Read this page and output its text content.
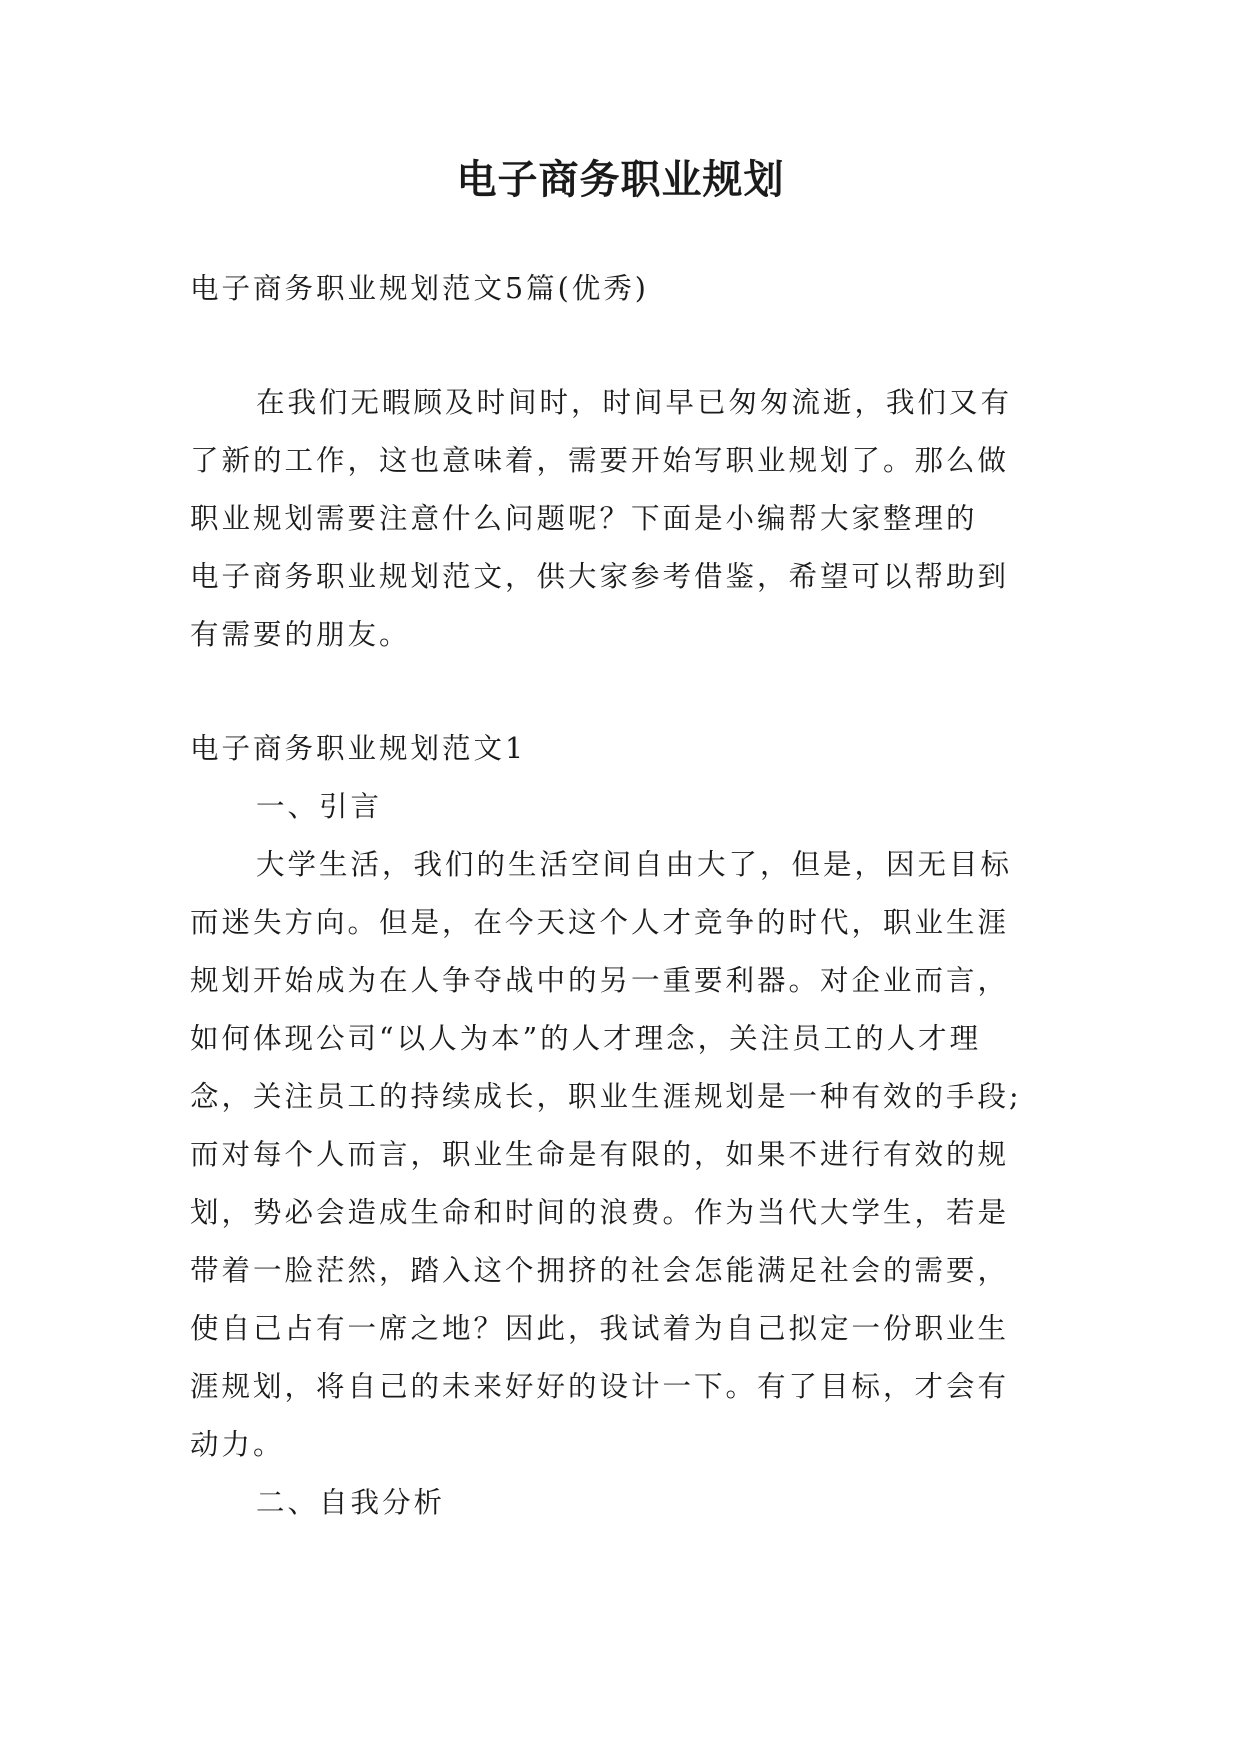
电子商务职业规划
电子商务职业规划范文5篇(优秀)
在我们无暇顾及时间时，时间早已匆匆流逝，我们又有
了新的工作，这也意味着，需要开始写职业规划了。那么做
职业规划需要注意什么问题呢？下面是小编帮大家整理的
电子商务职业规划范文，供大家参考借鉴，希望可以帮助到
有需要的朋友。
电子商务职业规划范文1
一、引言
大学生活，我们的生活空间自由大了，但是，因无目标
而迷失方向。但是，在今天这个人才竞争的时代，职业生涯
规划开始成为在人争夺战中的另一重要利器。对企业而言，
如何体现公司“以人为本”的人才理念，关注员工的人才理
念，关注员工的持续成长，职业生涯规划是一种有效的手段;
而对每个人而言，职业生命是有限的，如果不进行有效的规
划，势必会造成生命和时间的浪费。作为当代大学生，若是
带着一脸茫然，踏入这个拥挤的社会怎能满足社会的需要，
使自己占有一席之地？因此，我试着为自己拟定一份职业生
涯规划，将自己的未来好好的设计一下。有了目标，才会有
动力。
二、自我分析
